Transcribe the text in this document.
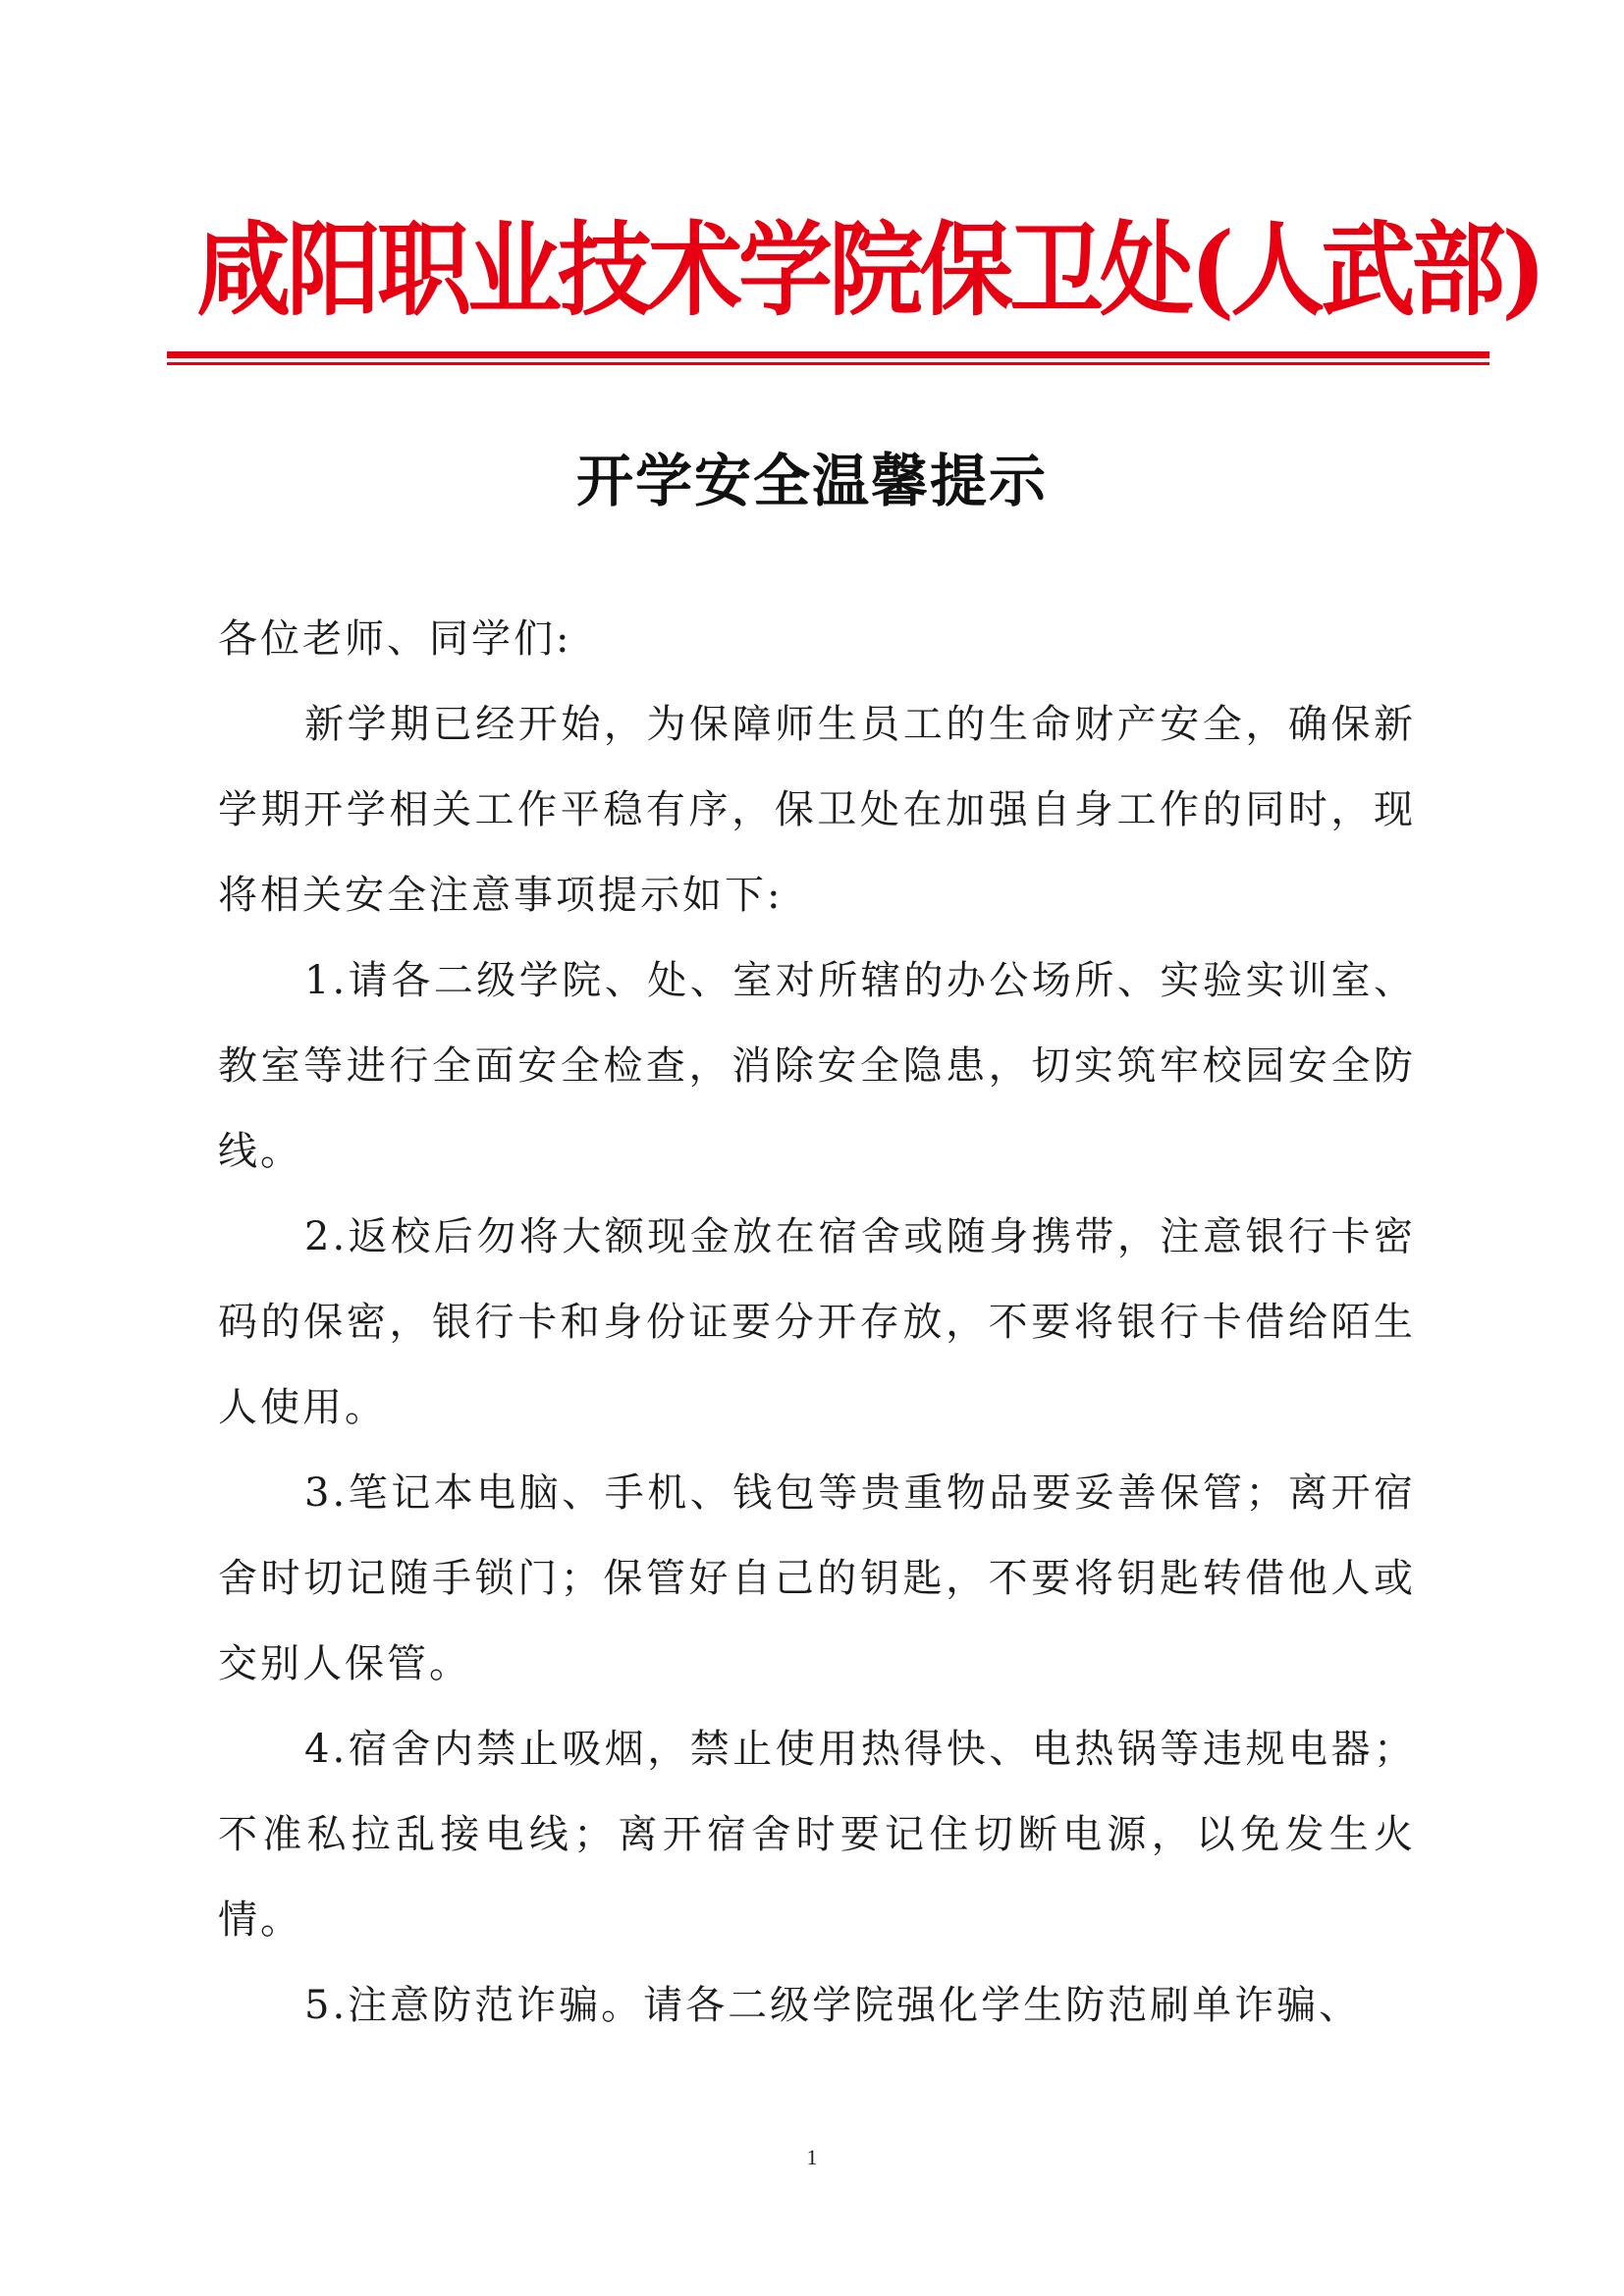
咸阳职业技术学院保卫处(人武部)
开学安全温馨提示

各位老师、同学们:

新学期已经开始，为保障师生员工的生命财产安全，确保新学期开学相关工作平稳有序，保卫处在加强自身工作的同时，现将相关安全注意事项提示如下:

1.请各二级学院、处、室对所辖的办公场所、实验实训室、教室等进行全面安全检查，消除安全隐患，切实筑牢校园安全防线。

2.返校后勿将大额现金放在宿舍或随身携带，注意银行卡密码的保密，银行卡和身份证要分开存放，不要将银行卡借给陌生人使用。

3.笔记本电脑、手机、钱包等贵重物品要妥善保管；离开宿舍时切记随手锁门；保管好自己的钥匙，不要将钥匙转借他人或交别人保管。

4.宿舍内禁止吸烟，禁止使用热得快、电热锅等违规电器；不准私拉乱接电线；离开宿舍时要记住切断电源，以免发生火情。

5.注意防范诈骗。请各二级学院强化学生防范刷单诈骗、

1
